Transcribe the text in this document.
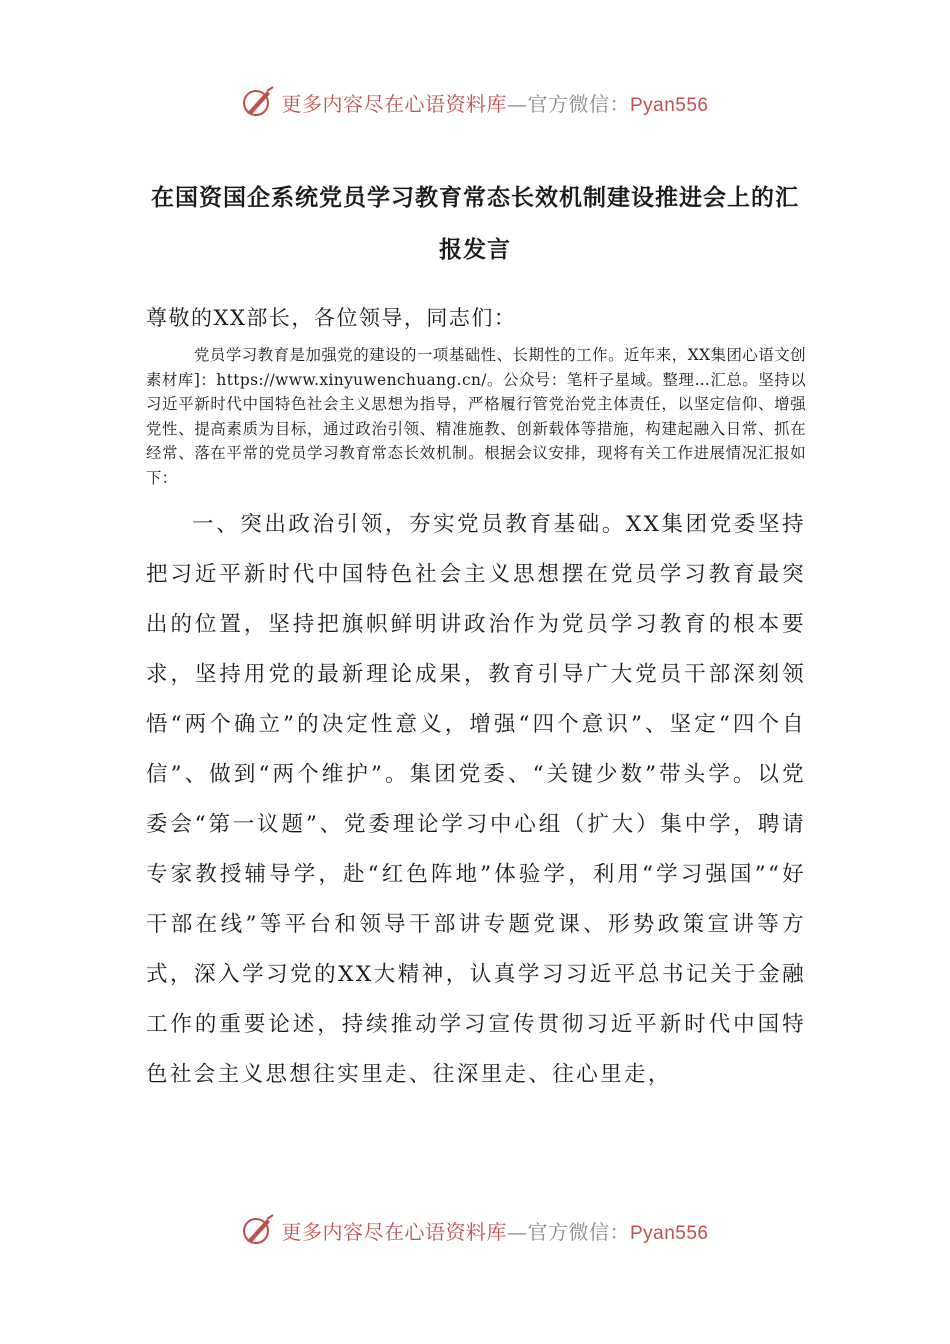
更多内容尽在心语资料库—官方微信：Pyan556
在国资国企系统党员学习教育常态长效机制建设推进会上的汇报发言
尊敬的XX部长，各位领导，同志们：
党员学习教育是加强党的建设的一项基础性、长期性的工作。近年来，XX集团心语文创素材库]：https://www.xinyuwenchuang.cn/。公众号：笔杆子星域。整理…汇总。坚持以习近平新时代中国特色社会主义思想为指导，严格履行管党治党主体责任，以坚定信仰、增强党性、提高素质为目标，通过政治引领、精准施教、创新载体等措施，构建起融入日常、抓在经常、落在平常的党员学习教育常态长效机制。根据会议安排，现将有关工作进展情况汇报如下：
一、突出政治引领，夯实党员教育基础。XX集团党委坚持把习近平新时代中国特色社会主义思想摆在党员学习教育最突出的位置，坚持把旗帜鲜明讲政治作为党员学习教育的根本要求，坚持用党的最新理论成果，教育引导广大党员干部深刻领悟“两个确立”的决定性意义，增强“四个意识”、坚定“四个自信”、做到“两个维护”。集团党委、“关键少数”带头学。以党委会“第一议题”、党委理论学习中心组（扩大）集中学，聘请专家教授辅导学，赴“红色阵地”体验学，利用“学习强国”“好干部在线”等平台和领导干部讲专题党课、形势政策宣讲等方式，深入学习党的XX大精神，认真学习习近平总书记关于金融工作的重要论述，持续推动学习宣传贯彻习近平新时代中国特色社会主义思想往实里走、往深里走、往心里走，
更多内容尽在心语资料库—官方微信：Pyan556
